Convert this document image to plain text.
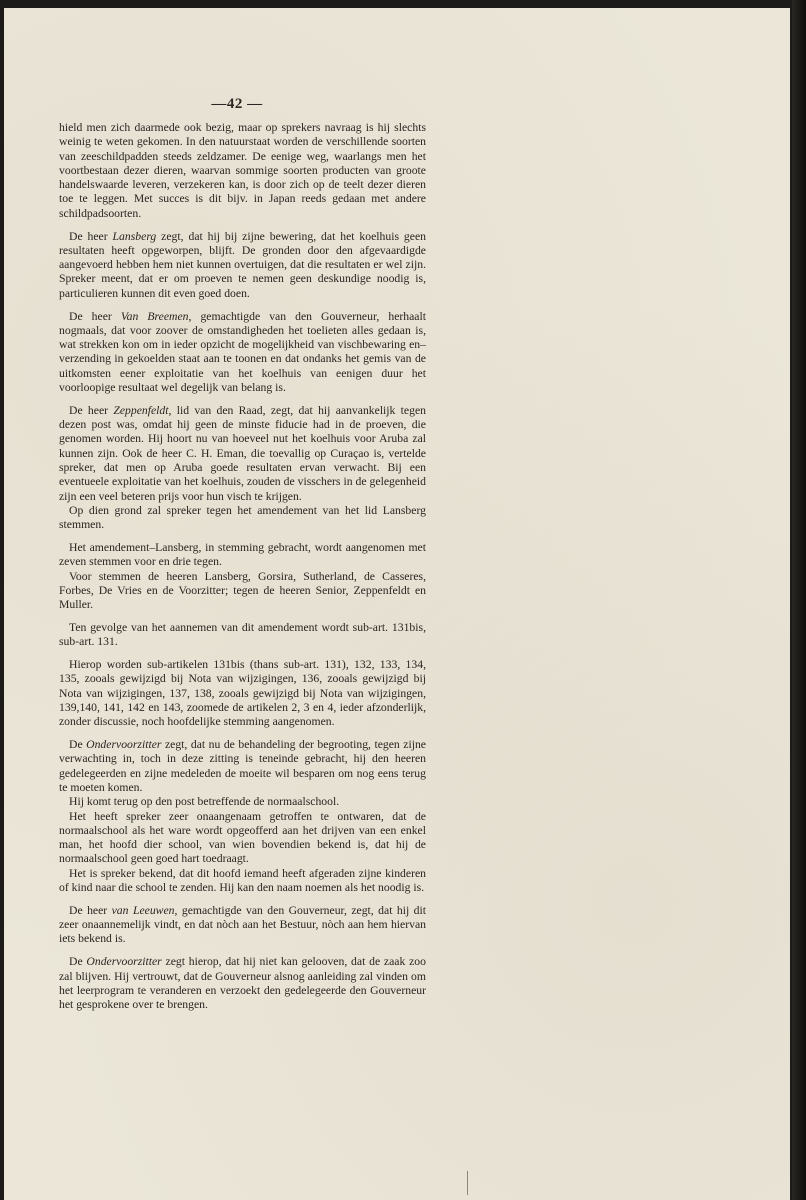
—42 —

hield men zich daarmede ook bezig, maar op sprekers navraag is hij slechts weinig te weten gekomen. In den natuurstaat worden de verschillende soorten van zeeschildpadden steeds zeldzamer. De eenige weg, waarlangs men het voortbestaan dezer dieren, waarvan sommige soorten producten van groote handelswaarde leveren, verzekeren kan, is door zich op de teelt dezer dieren toe te leggen. Met succes is dit bijv. in Japan reeds gedaan met andere schildpadsoorten.

De heer Lansberg zegt, dat hij bij zijne bewering, dat het koelhuis geen resultaten heeft opgeworpen, blijft. De gronden door den afgevaardigde aangevoerd hebben hem niet kunnen overtuigen, dat die resultaten er wel zijn. Spreker meent, dat er om proeven te nemen geen deskundige noodig is, particulieren kunnen dit even goed doen.

De heer Van Breemen, gemachtigde van den Gouverneur, herhaalt nogmaals, dat voor zoover de omstandigheden het toelieten alles gedaan is, wat strekken kon om in ieder opzicht de mogelijkheid van vischbewaring en– verzending in gekoelden staat aan te toonen en dat ondanks het gemis van de uitkomsten eener exploitatie van het koelhuis van eenigen duur het voorloopige resultaat wel degelijk van belang is.

De heer Zeppenfeldt, lid van den Raad, zegt, dat hij aanvankelijk tegen dezen post was, omdat hij geen de minste fiducie had in de proeven, die genomen worden. Hij hoort nu van hoeveel nut het koelhuis voor Aruba zal kunnen zijn. Ook de heer C. H. Eman, die toevallig op Curaçao is, vertelde spreker, dat men op Aruba goede resultaten ervan verwacht. Bij een eventueele exploitatie van het koelhuis, zouden de visschers in de gelegenheid zijn een veel beteren prijs voor hun visch te krijgen.

Op dien grond zal spreker tegen het amendement van het lid Lansberg stemmen.

Het amendement–Lansberg, in stemming gebracht, wordt aangenomen met zeven stemmen voor en drie tegen.

Voor stemmen de heeren Lansberg, Gorsira, Sutherland, de Casseres, Forbes, De Vries en de Voorzitter; tegen de heeren Senior, Zeppenfeldt en Muller.

Ten gevolge van het aannemen van dit amendement wordt sub-art. 131bis, sub-art. 131.

Hierop worden sub-artikelen 131bis (thans sub-art. 131), 132, 133, 134, 135, zooals gewijzigd bij Nota van wijzigingen, 136, zooals gewijzigd bij Nota van wijzigingen, 137, 138, zooals gewijzigd bij Nota van wijzigingen, 139,140, 141, 142 en 143, zoomede de artikelen 2, 3 en 4, ieder afzonderlijk, zonder discussie, noch hoofdelijke stemming aangenomen.

De Ondervoorzitter zegt, dat nu de behandeling der begrooting, tegen zijne verwachting in, toch in deze zitting is teneinde gebracht, hij den heeren gedelegeerden en zijne medeleden de moeite wil besparen om nog eens terug te moeten komen.

Hij komt terug op den post betreffende de normaalschool.

Het heeft spreker zeer onaangenaam getroffen te ontwaren, dat de normaalschool als het ware wordt opgeofferd aan het drijven van een enkel man, het hoofd dier school, van wien bovendien bekend is, dat hij de normaalschool geen goed hart toedraagt.

Het is spreker bekend, dat dit hoofd iemand heeft afgeraden zijne kinderen of kind naar die school te zenden. Hij kan den naam noemen als het noodig is.

De heer van Leeuwen, gemachtigde van den Gouverneur, zegt, dat hij dit zeer onaannemelijk vindt, en dat nòch aan het Bestuur, nòch aan hem hiervan iets bekend is.

De Ondervoorzitter zegt hierop, dat hij niet kan gelooven, dat de zaak zoo zal blijven. Hij vertrouwt, dat de Gouverneur alsnog aanleiding zal vinden om het leerprogram te veranderen en verzoekt den gedelegeerde den Gouverneur het gesprokene over te brengen.
